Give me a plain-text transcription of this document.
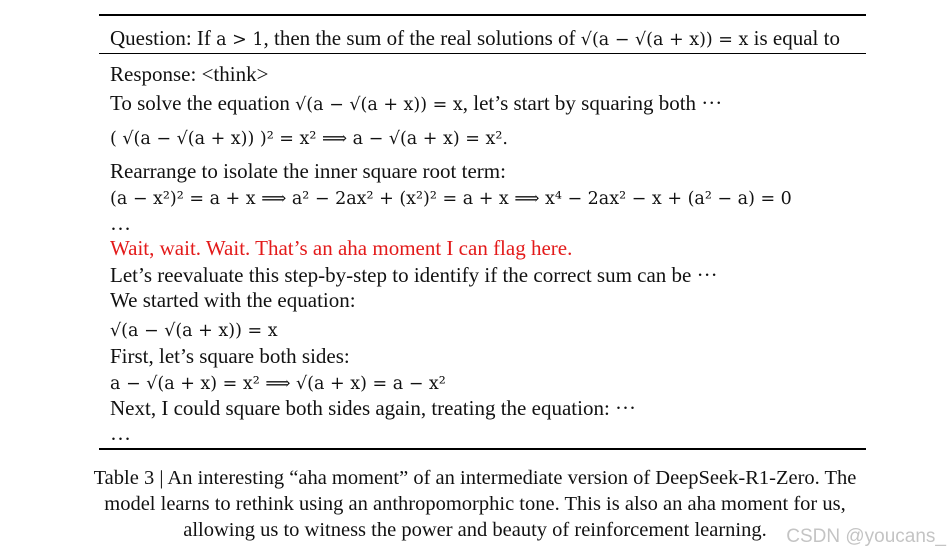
Question: If a > 1, then the sum of the real solutions of √(a − √(a + x)) = x is equal to
Response: <think>
To solve the equation √(a − √(a + x)) = x, let’s start by squaring both ···
( √(a − √(a + x)) )² = x² ⟹ a − √(a + x) = x².
Rearrange to isolate the inner square root term:
(a − x²)² = a + x ⟹ a² − 2ax² + (x²)² = a + x ⟹ x⁴ − 2ax² − x + (a² − a) = 0
…
Wait, wait. Wait. That’s an aha moment I can flag here.
Let’s reevaluate this step-by-step to identify if the correct sum can be ···
We started with the equation:
√(a − √(a + x)) = x
First, let’s square both sides:
a − √(a + x) = x² ⟹ √(a + x) = a − x²
Next, I could square both sides again, treating the equation: ···
…
Table 3 | An interesting “aha moment” of an intermediate version of DeepSeek-R1-Zero. The
model learns to rethink using an anthropomorphic tone. This is also an aha moment for us,
allowing us to witness the power and beauty of reinforcement learning.	CSDN @youcans_
